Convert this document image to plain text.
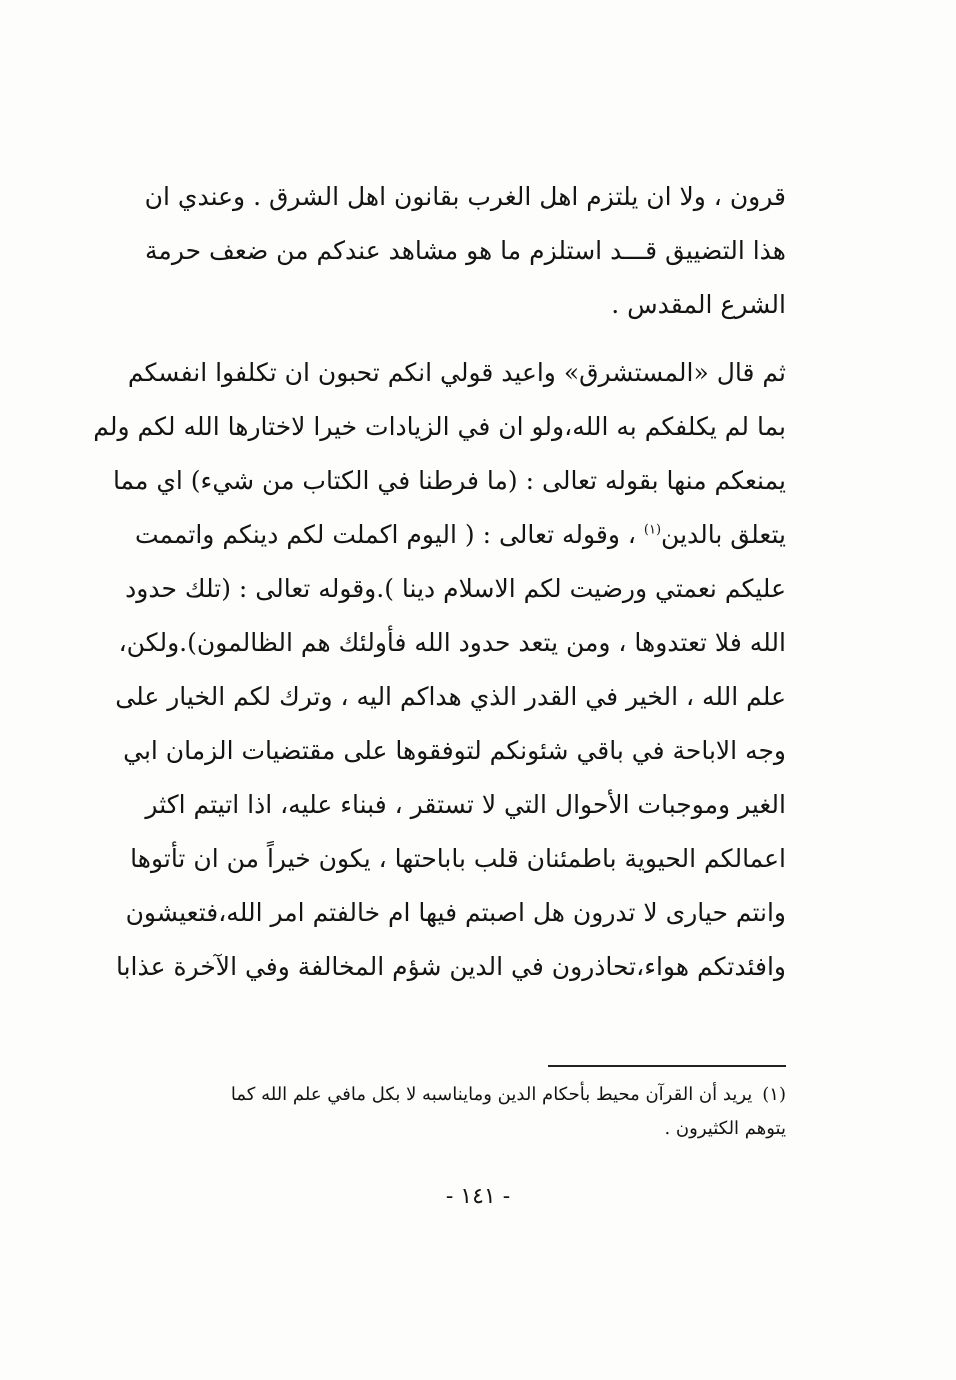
ﻗﺮون ، ولا ان يلتزم اهل الغرب بقانون اهل الشرق . وعندي ان
هذا التضييق قـــد استلزم ما هو مشاهد عندكم من ضعف حرمة
الشرع المقدس .
ثم قال «المستشرق» واعيد قولي انكم تحبون ان تكلفوا انفسكم
بما لم يكلفكم به الله،ولو ان في الزيادات خيرا لاختارها الله لكم ولم
يمنعكم منها بقوله تعالى : (ما فرطنا في الكتاب من شيء) اي مما
يتعلق بالدين$^{(١)}$ ، وقوله تعالى : ( اليوم اكملت لكم دينكم واتممت
عليكم نعمتي ورضيت لكم الاسلام دينا ).وقوله تعالى : (تلك حدود
الله فلا تعتدوها ، ومن يتعد حدود الله فأولئك هم الظالمون).ولكن،
علم الله ، الخير في القدر الذي هداكم اليه ، وترك لكم الخيار على
وجه الاباحة في باقي شئونكم لتوفقوها على مقتضيات الزمان ابي
الغير وموجبات الأحوال التي لا تستقر ، فبناء عليه، اذا اتيتم اكثر
اعمالكم الحيوية باطمئنان قلب باباحتها ، يكون خيراً من ان تأتوها
وانتم حيارى لا تدرون هل اصبتم فيها ام خالفتم امر الله،فتعيشون
وافئدتكم هواء،تحاذرون في الدين شؤم المخالفة وفي الآخرة عذابا
(١)يريد أن القرآن محيط بأحكام الدين ومايناسبه لا بكل مافي علم الله كما
يتوهم الكثيرون .
- ١٤١ -
